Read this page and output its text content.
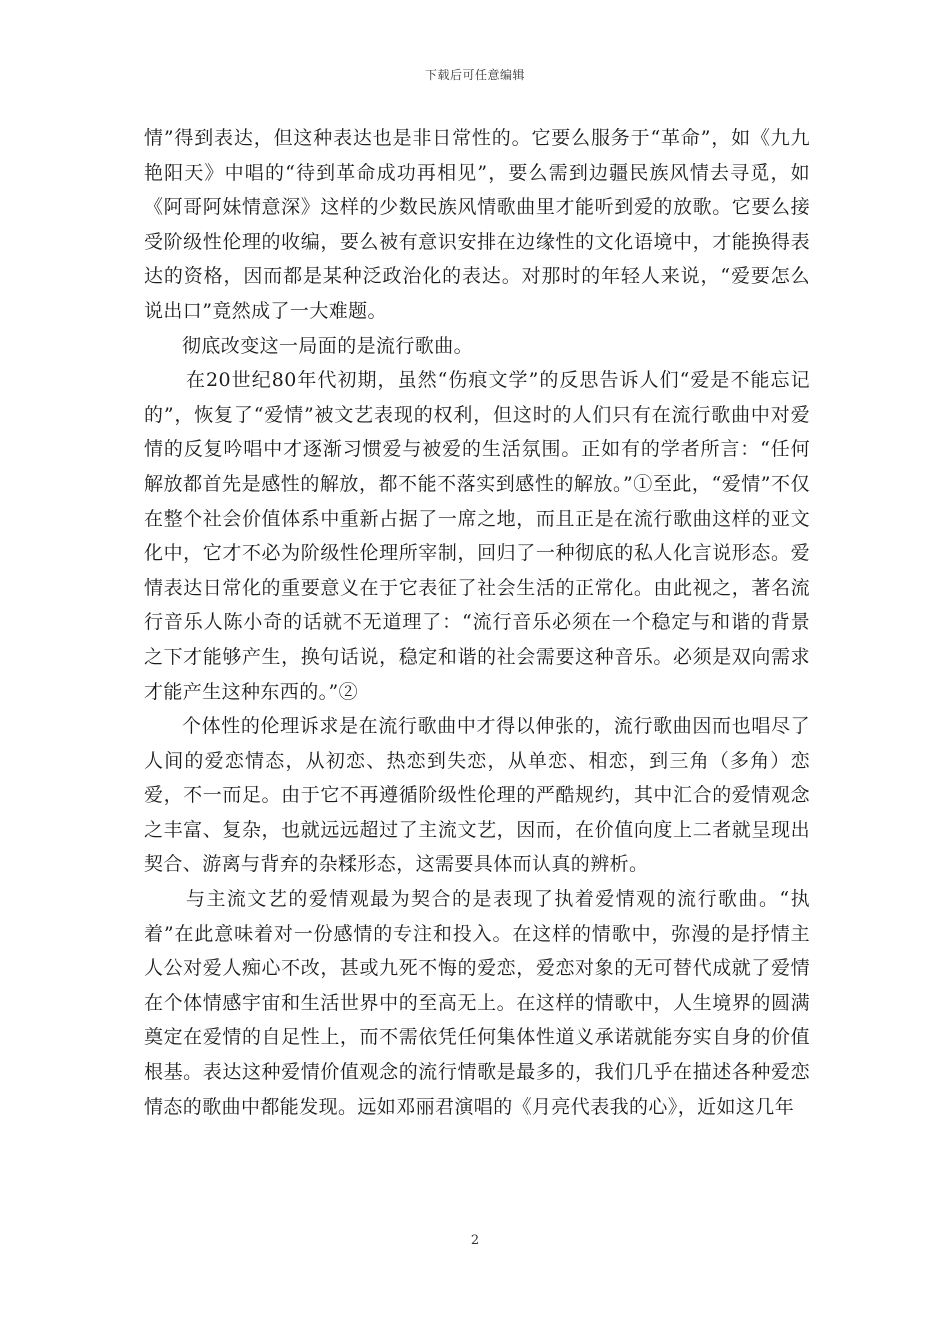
下载后可任意编辑

情”得到表达，但这种表达也是非日常性的。它要么服务于“革命”，如《九九艳阳天》中唱的“待到革命成功再相见”，要么需到边疆民族风情去寻觅，如《阿哥阿妹情意深》这样的少数民族风情歌曲里才能听到爱的放歌。它要么接受阶级性伦理的收编，要么被有意识安排在边缘性的文化语境中，才能换得表达的资格，因而都是某种泛政治化的表达。对那时的年轻人来说，“爱要怎么说出口”竟然成了一大难题。

彻底改变这一局面的是流行歌曲。

在20世纪80年代初期，虽然“伤痕文学”的反思告诉人们“爱是不能忘记的”，恢复了“爱情”被文艺表现的权利，但这时的人们只有在流行歌曲中对爱情的反复吟唱中才逐渐习惯爱与被爱的生活氛围。正如有的学者所言：“任何解放都首先是感性的解放，都不能不落实到感性的解放。”①至此，“爱情”不仅在整个社会价值体系中重新占据了一席之地，而且正是在流行歌曲这样的亚文化中，它才不必为阶级性伦理所宰制，回归了一种彻底的私人化言说形态。爱情表达日常化的重要意义在于它表征了社会生活的正常化。由此视之，著名流行音乐人陈小奇的话就不无道理了：“流行音乐必须在一个稳定与和谐的背景之下才能够产生，换句话说，稳定和谐的社会需要这种音乐。必须是双向需求才能产生这种东西的。”②

个体性的伦理诉求是在流行歌曲中才得以伸张的，流行歌曲因而也唱尽了人间的爱恋情态，从初恋、热恋到失恋，从单恋、相恋，到三角（多角）恋爱，不一而足。由于它不再遵循阶级性伦理的严酷规约，其中汇合的爱情观念之丰富、复杂，也就远远超过了主流文艺，因而，在价值向度上二者就呈现出契合、游离与背弃的杂糅形态，这需要具体而认真的辨析。

与主流文艺的爱情观最为契合的是表现了执着爱情观的流行歌曲。“执着”在此意味着对一份感情的专注和投入。在这样的情歌中，弥漫的是抒情主人公对爱人痴心不改，甚或九死不悔的爱恋，爱恋对象的无可替代成就了爱情在个体情感宇宙和生活世界中的至高无上。在这样的情歌中，人生境界的圆满奠定在爱情的自足性上，而不需依凭任何集体性道义承诺就能夯实自身的价值根基。表达这种爱情价值观念的流行情歌是最多的，我们几乎在描述各种爱恋情态的歌曲中都能发现。远如邓丽君演唱的《月亮代表我的心》，近如这几年

2
